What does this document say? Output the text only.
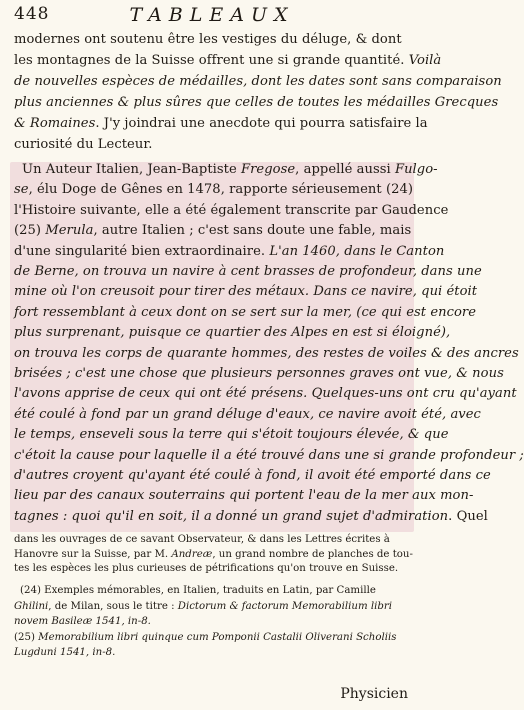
448	TABLEAUX
modernes ont soutenu être les vestiges du déluge, & dont
les montagnes de la Suisse offrent une si grande quantité. Voilà
de nouvelles espèces de médailles, dont les dates sont sans comparaison
plus anciennes & plus sûres que celles de toutes les médailles Grecques
& Romaines. J'y joindrai une anecdote qui pourra satisfaire la
curiosité du Lecteur.
Un Auteur Italien, Jean-Baptiste Fregose, appellé aussi Fulgo-
se, élu Doge de Gênes en 1478, rapporte sérieusement (24)
l'Histoire suivante, elle a été également transcrite par Gaudence
(25) Merula, autre Italien ; c'est sans doute une fable, mais
d'une singularité bien extraordinaire. L'an 1460, dans le Canton
de Berne, on trouva un navire à cent brasses de profondeur, dans une
mine où l'on creusoit pour tirer des métaux. Dans ce navire, qui étoit
fort ressemblant à ceux dont on se sert sur la mer, (ce qui est encore
plus surprenant, puisque ce quartier des Alpes en est si éloigné),
on trouva les corps de quarante hommes, des restes de voiles & des ancres
brisées ; c'est une chose que plusieurs personnes graves ont vue, & nous
l'avons apprise de ceux qui ont été présens. Quelques-uns ont cru qu'ayant
été coulé à fond par un grand déluge d'eaux, ce navire avoit été, avec
le temps, enseveli sous la terre qui s'étoit toujours élevée, & que
c'étoit la cause pour laquelle il a été trouvé dans une si grande profondeur ;
d'autres croyent qu'ayant été coulé à fond, il avoit été emporté dans ce
lieu par des canaux souterrains qui portent l'eau de la mer aux mon-
tagnes : quoi qu'il en soit, il a donné un grand sujet d'admiration. Quel
dans les ouvrages de ce savant Observateur, & dans les Lettres écrites à
Hanovre sur la Suisse, par M. Andreæ, un grand nombre de planches de tou-
tes les espèces les plus curieuses de pétrifications qu'on trouve en Suisse.
(24) Exemples mémorables, en Italien, traduits en Latin, par Camille
Ghilini, de Milan, sous le titre : Dictorum & factorum Memorabilium libri
novem Basileæ 1541, in-8.
(25) Memorabilium libri quinque cum Pomponii Castalii Oliverani Scholiis
Lugduni 1541, in-8.
Physicien
